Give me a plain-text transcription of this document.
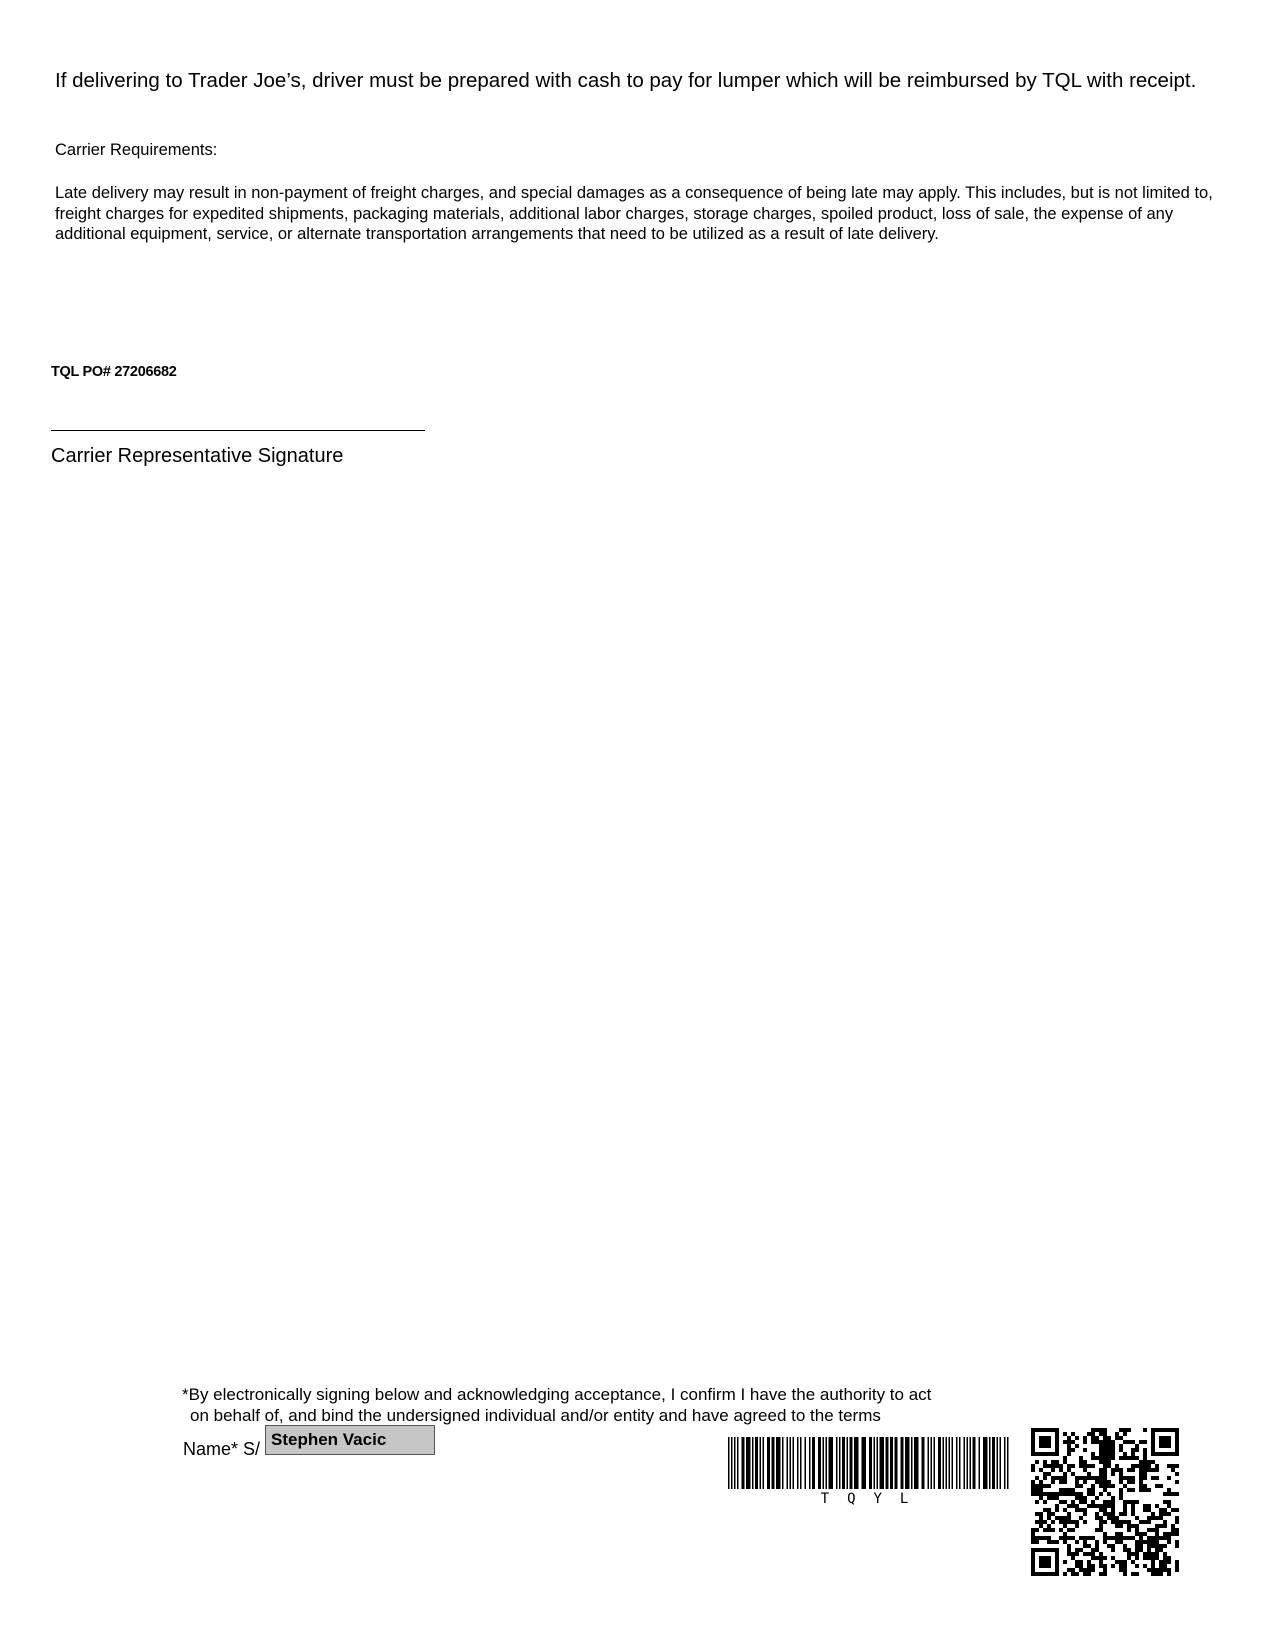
If delivering to Trader Joe’s, driver must be prepared with cash to pay for lumper which will be reimbursed by TQL with receipt.
Carrier Requirements:
Late delivery may result in non-payment of freight charges, and special damages as a consequence of being late may apply. This includes, but is not limited to, freight charges for expedited shipments, packaging materials, additional labor charges, storage charges, spoiled product, loss of sale, the expense of any additional equipment, service, or alternate transportation arrangements that need to be utilized as a result of late delivery.
TQL PO# 27206682
Carrier Representative Signature
*By electronically signing below and acknowledging acceptance, I confirm I have the authority to act
on behalf of, and bind the undersigned individual and/or entity and have agreed to the terms
Name* S/ Stephen Vacic
TQYL
